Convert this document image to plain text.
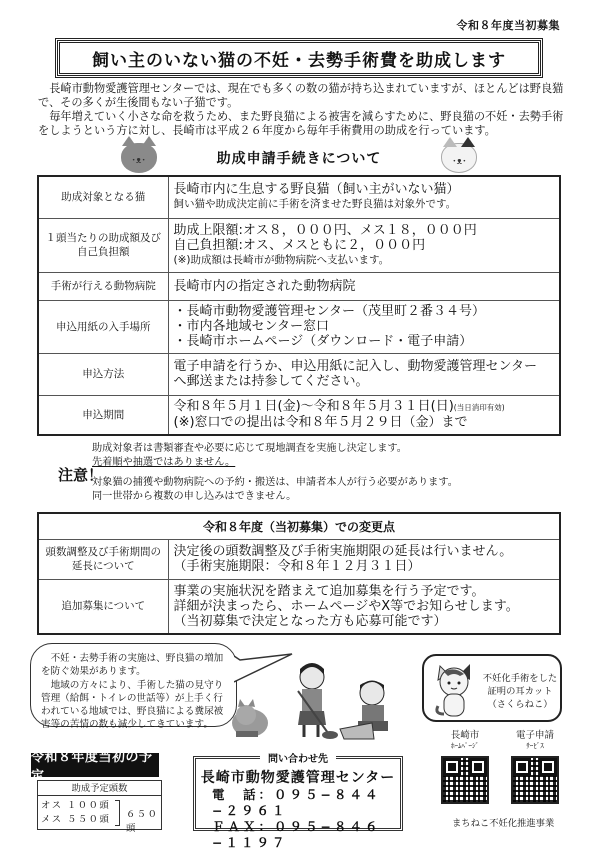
令和８年度当初募集
飼い主のいない猫の不妊・去勢手術費を助成します

長崎市動物愛護管理センターでは、現在でも多くの数の猫が持ち込まれていますが、ほとんどは野良猫で、その多くが生後間もない子猫です。

毎年増えていく小さな命を救うため、また野良猫による被害を減らすために、野良猫の不妊・去勢手術をしようという方に対し、長崎市は平成２６年度から毎年手術費用の助成を行っています。

･ᴥ･	助成申請手続きについて	･ᴥ･
助成対象となる猫	長崎市内に生息する野良猫（飼い主がいない猫）
飼い猫や助成決定前に手術を済ませた野良猫は対象外です。

１頭当たりの助成額及び自己負担額	助成上限額:オス８，０００円、メス１８，０００円
自己負担額:オス、メスともに２，０００円
(※)助成額は長崎市が動物病院へ支払います。

手術が行える動物病院	長崎市内の指定された動物病院
申込用紙の入手場所	・長崎市動物愛護管理センター（茂里町２番３４号）
・市内各地域センター窓口
・長崎市ホームページ（ダウンロード・電子申請）

申込方法	電子申請を行うか、申込用紙に記入し、動物愛護管理センター
へ郵送または持参してください。

申込期間	令和８年５月１日(金)～令和８年５月３１日(日)(当日消印有効)
(※)窓口での提出は令和８年５月２９日（金）まで
注意！
助成対象者は書類審査や必要に応じて現地調査を実施し決定します。
先着順や抽選ではありません。
対象猫の捕獲や動物病院への予約・搬送は、申請者本人が行う必要があります。
同一世帯から複数の申し込みはできません。
令和８年度（当初募集）での変更点	
頭数調整及び手術期間の延長について	決定後の頭数調整及び手術実施期限の延長は行いません。
（手術実施期限：令和８年１２月３１日）

追加募集について	事業の実施状況を踏まえて追加募集を行う予定です。
詳細が決まったら、ホームページやX等でお知らせします。
（当初募集で決定となった方も応募可能です）

不妊・去勢手術の実施は、野良猫の増加を防ぐ効果があります。

地域の方々により、手術した猫の見守り管理（給餌・トイレの世話等）が上手く行われている地域では、野良猫による糞尿被害等の苦情の数も減少してきています。

不妊化手術をした
証明の耳カット
（さくらねこ）
令和８年度当初の予定
助成予定頭数
オス １００頭
メス ５５０頭 ６５０頭
問い合わせ先
長崎市動物愛護管理センター
電　話：０９５−８４４−２９６１
ＦＡＸ：０９５−８４６−１１９７
長崎市
ﾎｰﾑﾍﾟｰｼﾞ
電子申請
ｻｰﾋﾞｽ
まちねこ不妊化推進事業
